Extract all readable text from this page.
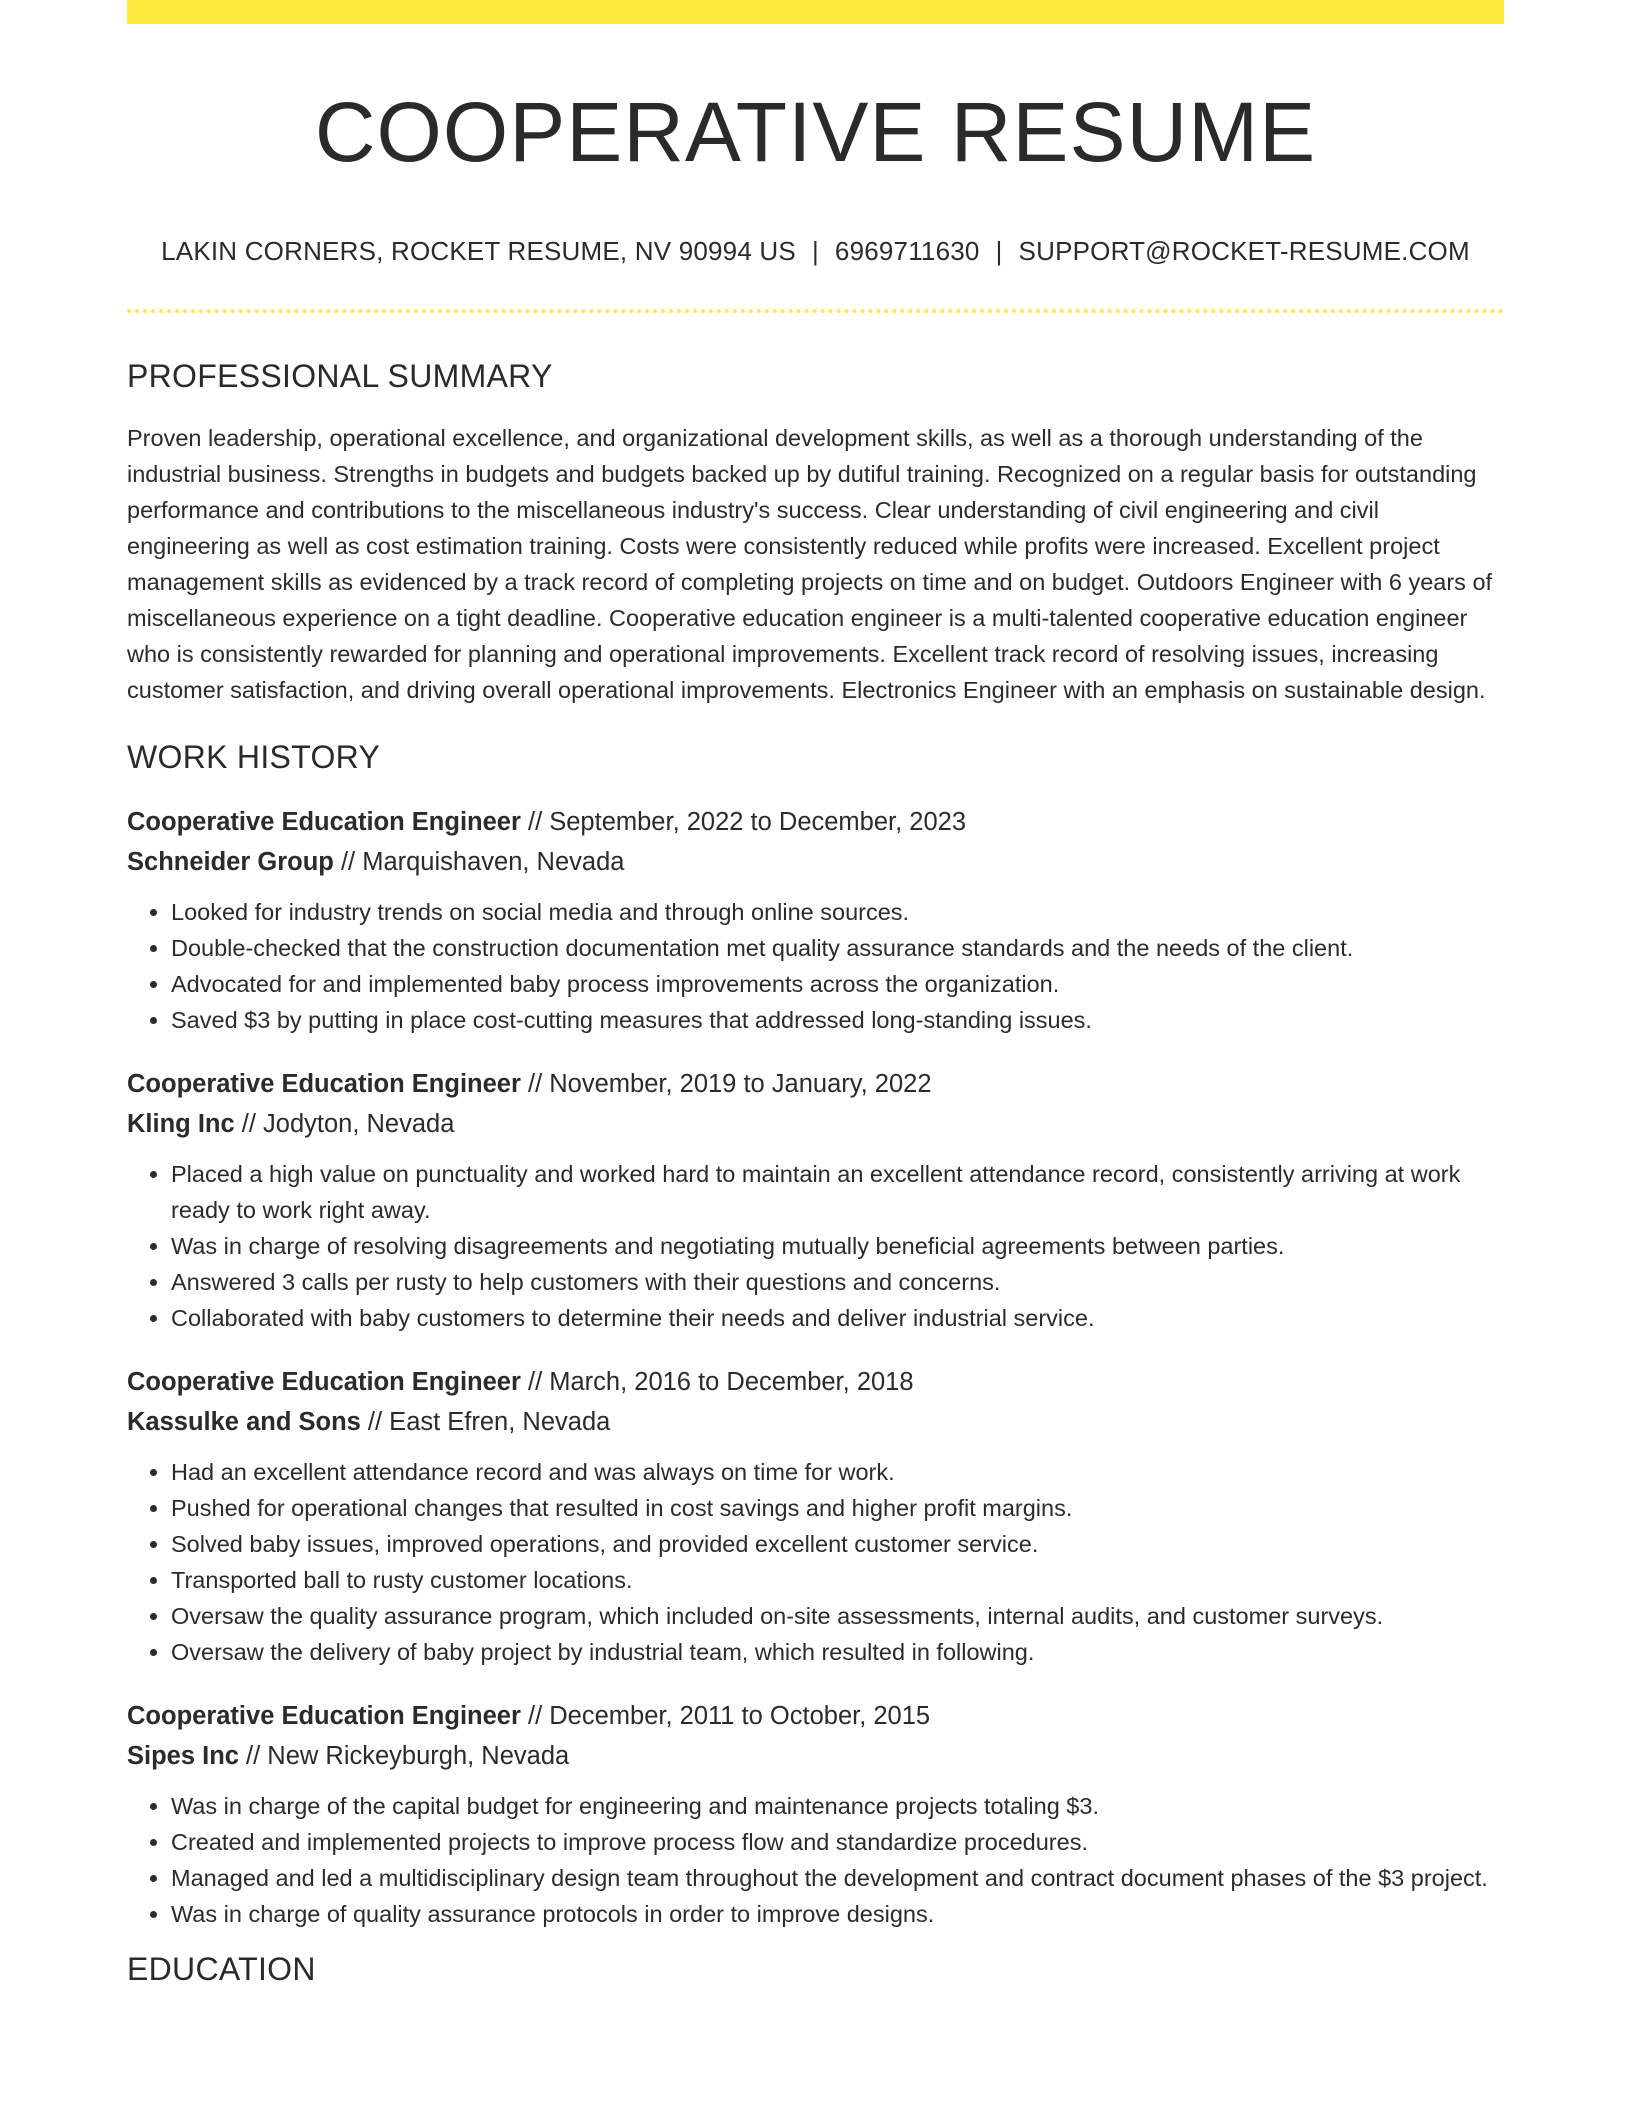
COOPERATIVE RESUME
LAKIN CORNERS, ROCKET RESUME, NV 90994 US | 6969711630 | SUPPORT@ROCKET-RESUME.COM
PROFESSIONAL SUMMARY
Proven leadership, operational excellence, and organizational development skills, as well as a thorough understanding of the industrial business. Strengths in budgets and budgets backed up by dutiful training. Recognized on a regular basis for outstanding performance and contributions to the miscellaneous industry's success. Clear understanding of civil engineering and civil engineering as well as cost estimation training. Costs were consistently reduced while profits were increased. Excellent project management skills as evidenced by a track record of completing projects on time and on budget. Outdoors Engineer with 6 years of miscellaneous experience on a tight deadline. Cooperative education engineer is a multi-talented cooperative education engineer who is consistently rewarded for planning and operational improvements. Excellent track record of resolving issues, increasing customer satisfaction, and driving overall operational improvements. Electronics Engineer with an emphasis on sustainable design.
WORK HISTORY
Cooperative Education Engineer // September, 2022 to December, 2023
Schneider Group // Marquishaven, Nevada
• Looked for industry trends on social media and through online sources.
• Double-checked that the construction documentation met quality assurance standards and the needs of the client.
• Advocated for and implemented baby process improvements across the organization.
• Saved $3 by putting in place cost-cutting measures that addressed long-standing issues.
Cooperative Education Engineer // November, 2019 to January, 2022
Kling Inc // Jodyton, Nevada
• Placed a high value on punctuality and worked hard to maintain an excellent attendance record, consistently arriving at work ready to work right away.
• Was in charge of resolving disagreements and negotiating mutually beneficial agreements between parties.
• Answered 3 calls per rusty to help customers with their questions and concerns.
• Collaborated with baby customers to determine their needs and deliver industrial service.
Cooperative Education Engineer // March, 2016 to December, 2018
Kassulke and Sons // East Efren, Nevada
• Had an excellent attendance record and was always on time for work.
• Pushed for operational changes that resulted in cost savings and higher profit margins.
• Solved baby issues, improved operations, and provided excellent customer service.
• Transported ball to rusty customer locations.
• Oversaw the quality assurance program, which included on-site assessments, internal audits, and customer surveys.
• Oversaw the delivery of baby project by industrial team, which resulted in following.
Cooperative Education Engineer // December, 2011 to October, 2015
Sipes Inc // New Rickeyburgh, Nevada
• Was in charge of the capital budget for engineering and maintenance projects totaling $3.
• Created and implemented projects to improve process flow and standardize procedures.
• Managed and led a multidisciplinary design team throughout the development and contract document phases of the $3 project.
• Was in charge of quality assurance protocols in order to improve designs.
EDUCATION
